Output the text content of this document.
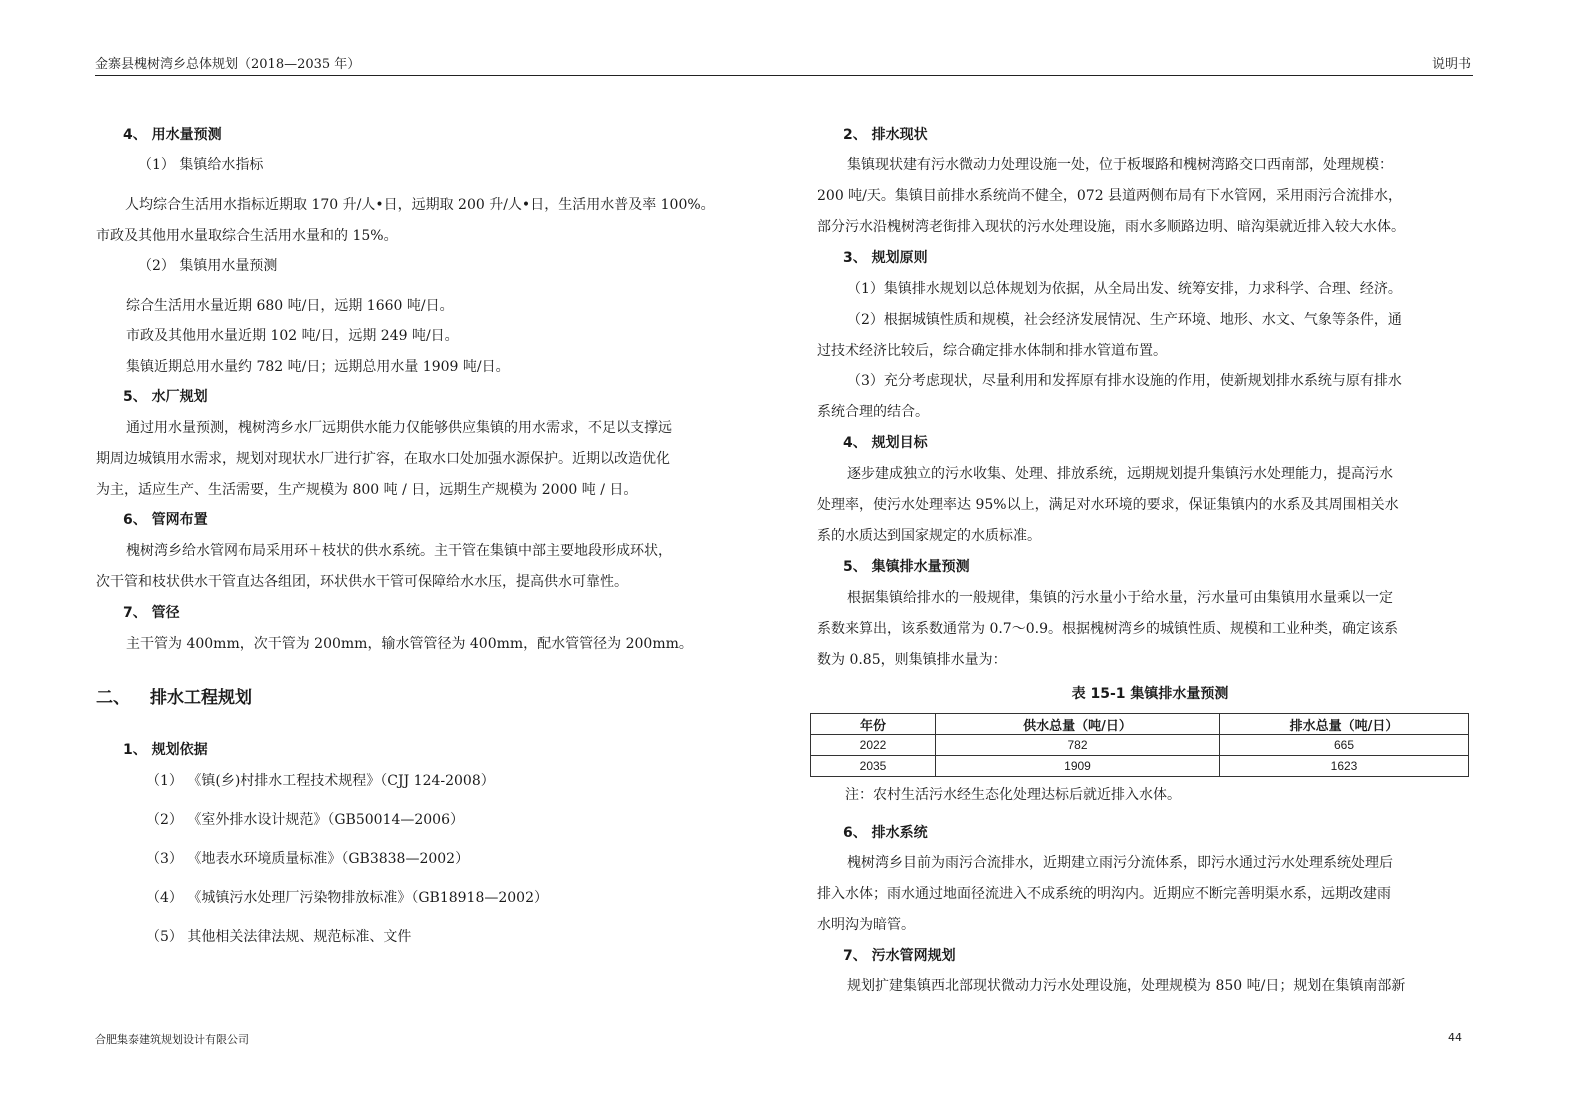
金寨县槐树湾乡总体规划（2018—2035 年）	说明书
4、 用水量预测
（1） 集镇给水指标
人均综合生活用水指标近期取 170 升/人•日，远期取 200 升/人•日，生活用水普及率 100%。
市政及其他用水量取综合生活用水量和的 15%。
（2） 集镇用水量预测
综合生活用水量近期 680 吨/日，远期 1660 吨/日。
市政及其他用水量近期 102 吨/日，远期 249 吨/日。
集镇近期总用水量约 782 吨/日；远期总用水量 1909 吨/日。
5、 水厂规划
通过用水量预测，槐树湾乡水厂远期供水能力仅能够供应集镇的用水需求，不足以支撑远
期周边城镇用水需求，规划对现状水厂进行扩容，在取水口处加强水源保护。近期以改造优化
为主，适应生产、生活需要，生产规模为 800 吨 / 日，远期生产规模为 2000 吨 / 日。
6、 管网布置
槐树湾乡给水管网布局采用环＋枝状的供水系统。主干管在集镇中部主要地段形成环状，
次干管和枝状供水干管直达各组团，环状供水干管可保障给水水压，提高供水可靠性。
7、 管径
主干管为 400mm，次干管为 200mm，输水管管径为 400mm，配水管管径为 200mm。
1、 规划依据
（1） 《镇(乡)村排水工程技术规程》（CJJ 124-2008）
（2） 《室外排水设计规范》（GB50014—2006）
（3） 《地表水环境质量标准》（GB3838—2002）
（4） 《城镇污水处理厂污染物排放标准》（GB18918—2002）
（5） 其他相关法律法规、规范标准、文件
二、 排水工程规划
2、 排水现状
集镇现状建有污水微动力处理设施一处，位于板堰路和槐树湾路交口西南部，处理规模：
200 吨/天。集镇目前排水系统尚不健全，072 县道两侧布局有下水管网，采用雨污合流排水，
部分污水沿槐树湾老街排入现状的污水处理设施，雨水多顺路边明、暗沟渠就近排入较大水体。
3、 规划原则
（1）集镇排水规划以总体规划为依据，从全局出发、统筹安排，力求科学、合理、经济。
（2）根据城镇性质和规模，社会经济发展情况、生产环境、地形、水文、气象等条件，通
过技术经济比较后，综合确定排水体制和排水管道布置。
（3）充分考虑现状，尽量利用和发挥原有排水设施的作用，使新规划排水系统与原有排水
系统合理的结合。
4、 规划目标
逐步建成独立的污水收集、处理、排放系统，远期规划提升集镇污水处理能力，提高污水
处理率，使污水处理率达 95%以上，满足对水环境的要求，保证集镇内的水系及其周围相关水
系的水质达到国家规定的水质标准。
5、 集镇排水量预测
根据集镇给排水的一般规律，集镇的污水量小于给水量，污水量可由集镇用水量乘以一定
系数来算出，该系数通常为 0.7～0.9。根据槐树湾乡的城镇性质、规模和工业种类，确定该系
数为 0.85，则集镇排水量为：
注：农村生活污水经生态化处理达标后就近排入水体。
6、 排水系统
槐树湾乡目前为雨污合流排水，近期建立雨污分流体系，即污水通过污水处理系统处理后
排入水体；雨水通过地面径流进入不成系统的明沟内。近期应不断完善明渠水系，远期改建雨
水明沟为暗管。
7、 污水管网规划
规划扩建集镇西北部现状微动力污水处理设施，处理规模为 850 吨/日；规划在集镇南部新
表 15-1 集镇排水量预测
年份	供水总量（吨/日）	排水总量（吨/日）
2022	782	665
2035	1909	1623
合肥集泰建筑规划设计有限公司	44
